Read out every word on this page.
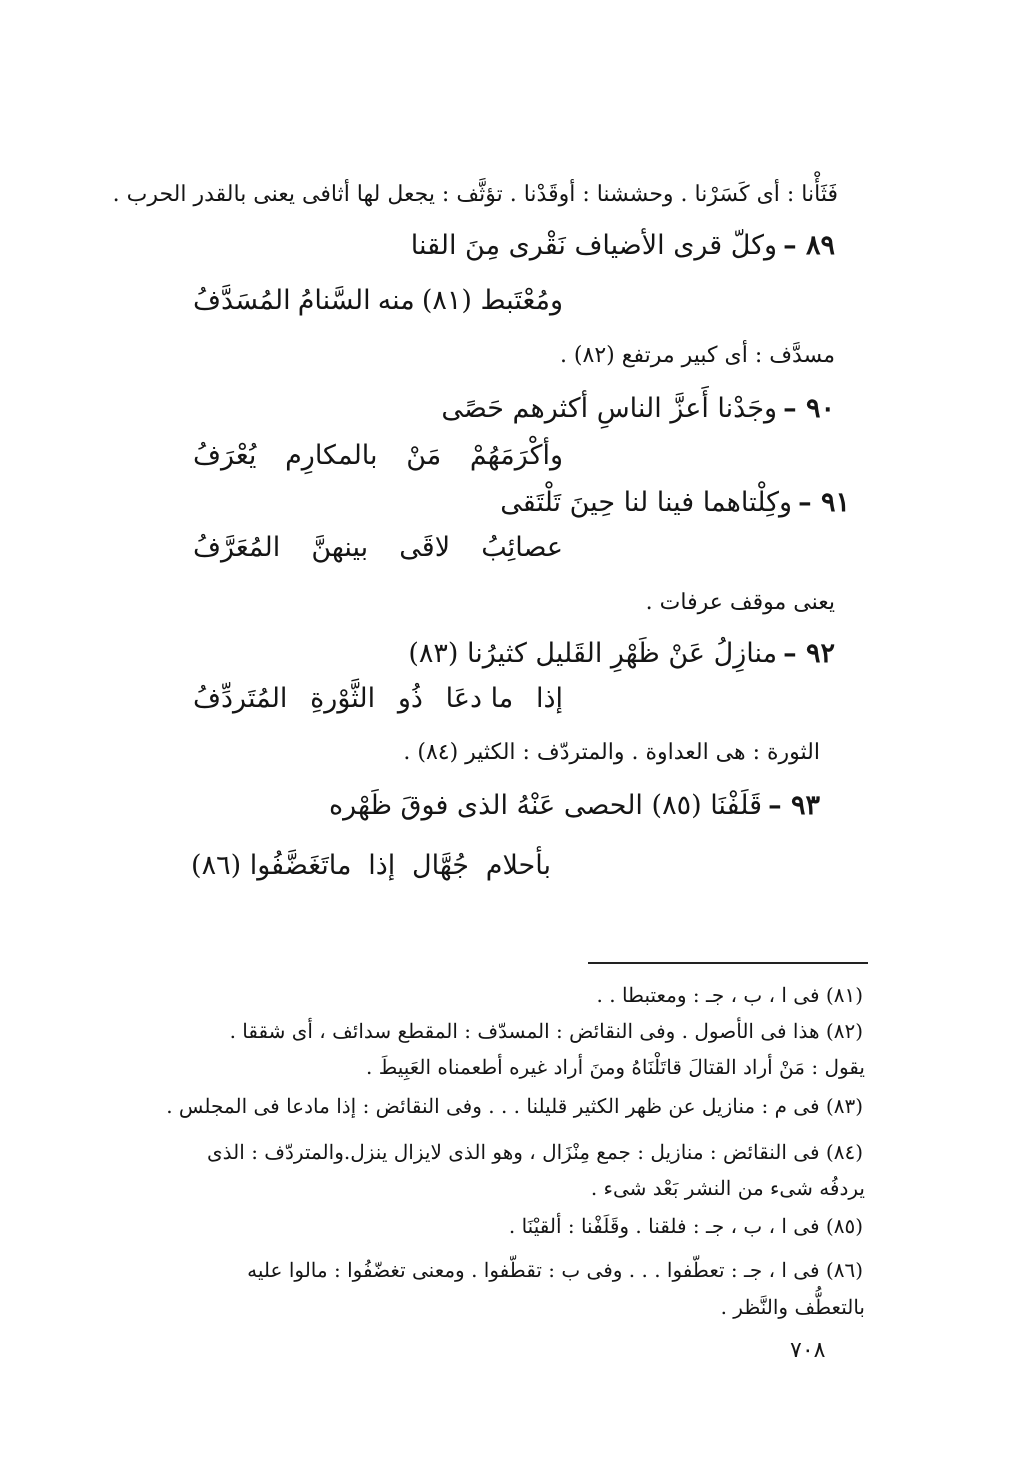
فَثَأْنا : أى كَسَرْنا . وحششنا : أوقَدْنا . تؤثَّف : يجعل لها أثافى يعنى بالقدر الحرب .
٨٩ –
وكلّ قرى الأضياف نَقْرى مِنَ القنا
ومُعْتَبط (٨١)
منه
السَّنامُ
المُسَدَّفُ
مسدَّف : أى كبير مرتفع (٨٢) .
٩٠ –
وجَدْنا أَعزَّ الناسِ أكثرهم حَصًى
وأكْرَمَهُمْ
مَنْ
بالمكارِم
يُعْرَفُ
٩١ –
وكِلْتاهما فينا لنا حِينَ تَلْتَقى
عصائِبُ
لاقَى
بينهنَّ
المُعَرَّفُ
يعنى موقف عرفات .
٩٢ –
منازِلُ عَنْ ظَهْرِ القَليل كثيرُنا (٨٣)
إذا
ما دعَا
ذُو
الثَّوْرةِ
المُتَردِّفُ
الثورة : هى العداوة . والمتردّف : الكثير (٨٤) .
٩٣ –
قَلَفْنَا (٨٥) الحصى عَنْهُ الذى فوقَ ظَهْره
بأحلام
جُهَّال
إذا
ماتَغَضَّفُوا (٨٦)
(٨١) فى ا ، ب ، جـ : ومعتبطا . .
(٨٢) هذا فى الأصول . وفى النقائض : المسدّف : المقطع سدائف ، أى شققا .
يقول : مَنْ أراد القتالَ قاتَلْنَاهُ ومنَ أراد غيره أطعمناه العَبِيطَ .
(٨٣) فى م : منازيل عن ظهر الكثير قليلنا . . . وفى النقائض : إذا مادعا فى المجلس .
(٨٤) فى النقائض : منازيل : جمع مِنْزَال ، وهو الذى لايزال ينزل.والمتردّف : الذى
يردفُه شىء من النشر بَعْد شىء .
(٨٥) فى ا ، ب ، جـ : فلقنا . وقَلَفْنا : ألقيْنَا .
(٨٦) فى ا ، جـ : تعطّفوا . . . وفى ب : تقطّفوا . ومعنى تغضّفُوا : مالوا عليه
بالتعطُّف والنَّظر .
٧٠٨
